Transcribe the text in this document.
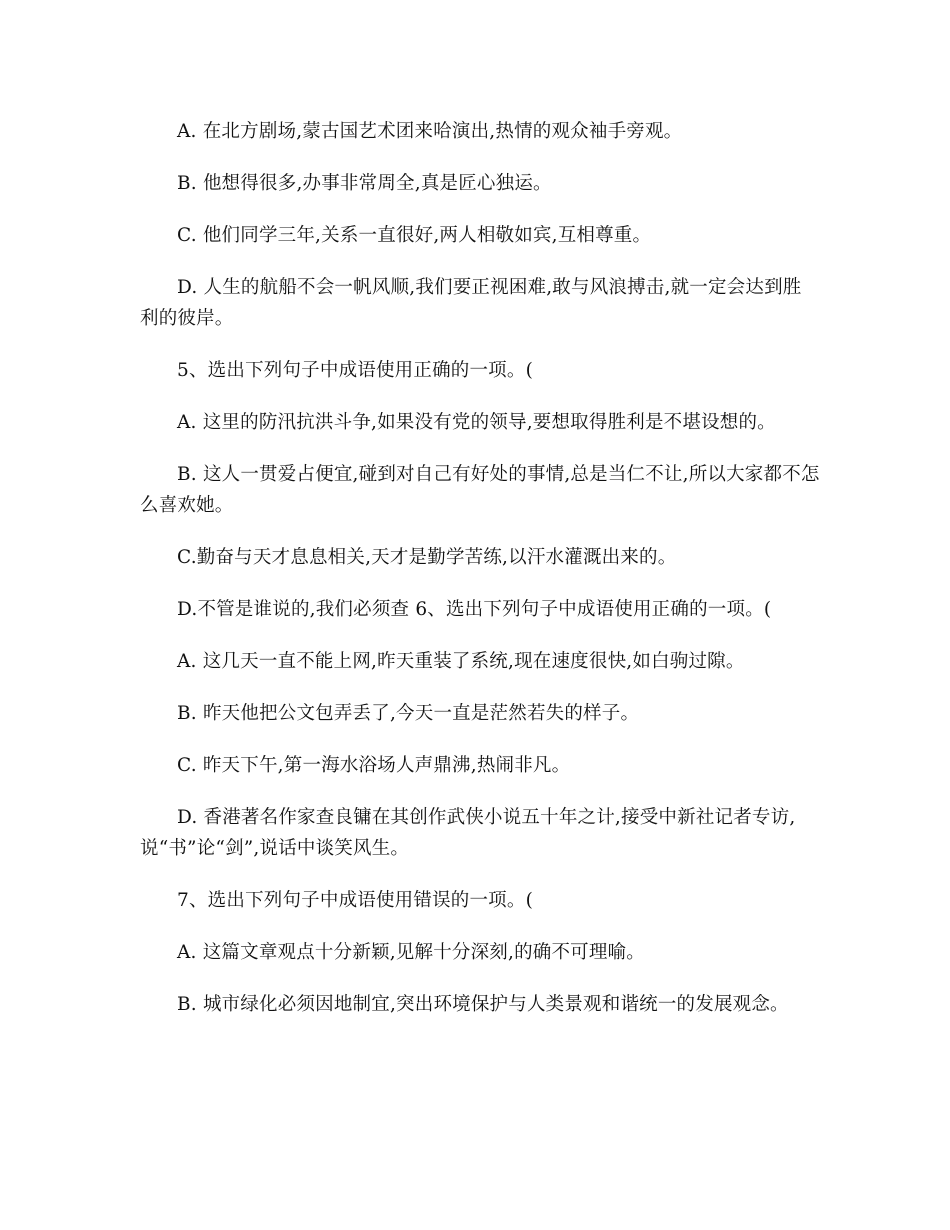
A. 在北方剧场,蒙古国艺术团来哈演出,热情的观众袖手旁观。

B. 他想得很多,办事非常周全,真是匠心独运。

C. 他们同学三年,关系一直很好,两人相敬如宾,互相尊重。

D. 人生的航船不会一帆风顺,我们要正视困难,敢与风浪搏击,就一定会达到胜利的彼岸。

5、选出下列句子中成语使用正确的一项。(

A. 这里的防汛抗洪斗争,如果没有党的领导,要想取得胜利是不堪设想的。

B. 这人一贯爱占便宜,碰到对自己有好处的事情,总是当仁不让,所以大家都不怎么喜欢她。

C.勤奋与天才息息相关,天才是勤学苦练,以汗水灌溉出来的。

D.不管是谁说的,我们必须查 6、选出下列句子中成语使用正确的一项。(

A. 这几天一直不能上网,昨天重装了系统,现在速度很快,如白驹过隙。

B. 昨天他把公文包弄丢了,今天一直是茫然若失的样子。

C. 昨天下午,第一海水浴场人声鼎沸,热闹非凡。

D. 香港著名作家查良镛在其创作武侠小说五十年之计,接受中新社记者专访,说“书”论“剑”,说话中谈笑风生。

7、选出下列句子中成语使用错误的一项。(

A. 这篇文章观点十分新颖,见解十分深刻,的确不可理喻。

B. 城市绿化必须因地制宜,突出环境保护与人类景观和谐统一的发展观念。
